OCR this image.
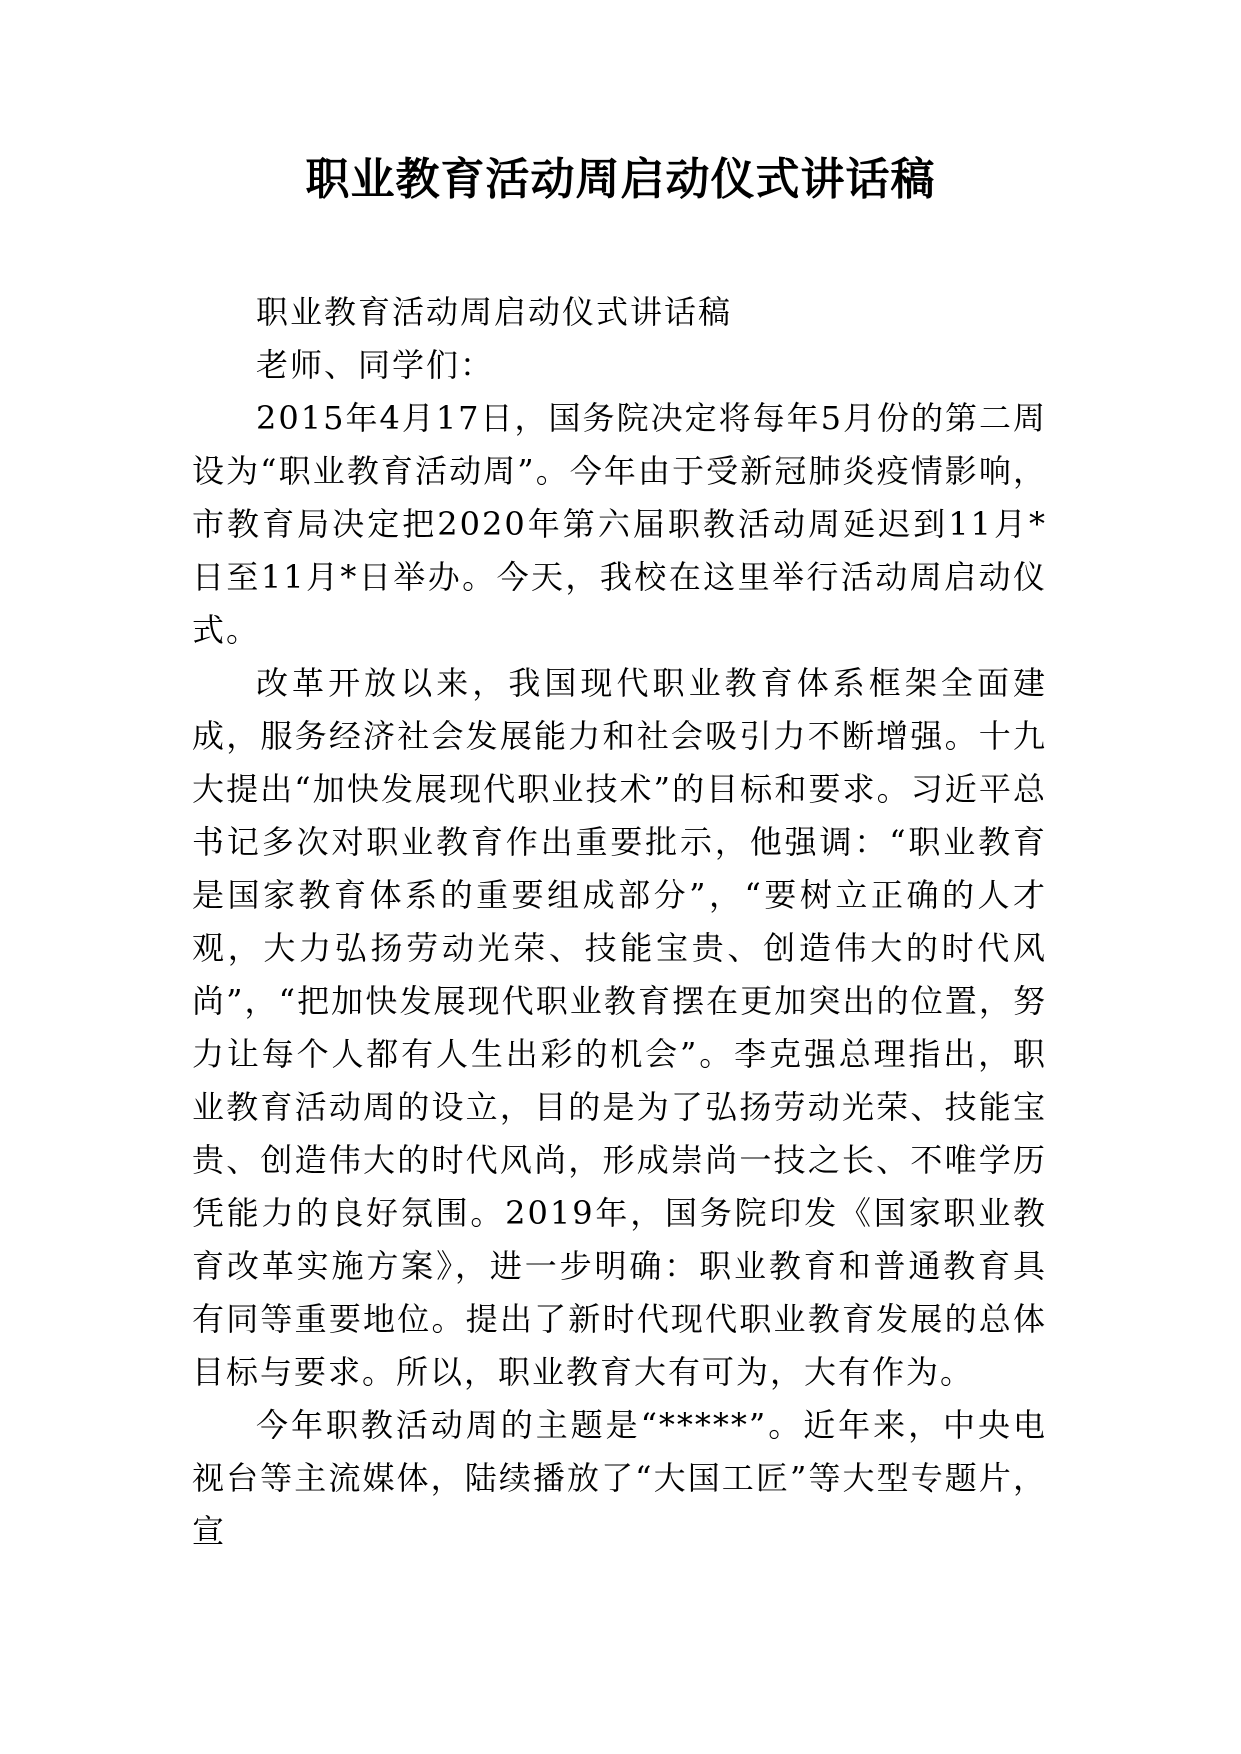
职业教育活动周启动仪式讲话稿

职业教育活动周启动仪式讲话稿

老师、同学们：

2015年4月17日，国务院决定将每年5月份的第二周设为“职业教育活动周”。今年由于受新冠肺炎疫情影响，市教育局决定把2020年第六届职教活动周延迟到11月*日至11月*日举办。今天，我校在这里举行活动周启动仪式。

改革开放以来，我国现代职业教育体系框架全面建成，服务经济社会发展能力和社会吸引力不断增强。十九大提出“加快发展现代职业技术”的目标和要求。习近平总书记多次对职业教育作出重要批示，他强调：“职业教育是国家教育体系的重要组成部分”，“要树立正确的人才观，大力弘扬劳动光荣、技能宝贵、创造伟大的时代风尚”，“把加快发展现代职业教育摆在更加突出的位置，努力让每个人都有人生出彩的机会”。李克强总理指出，职业教育活动周的设立，目的是为了弘扬劳动光荣、技能宝贵、创造伟大的时代风尚，形成崇尚一技之长、不唯学历凭能力的良好氛围。2019年，国务院印发《国家职业教育改革实施方案》，进一步明确：职业教育和普通教育具有同等重要地位。提出了新时代现代职业教育发展的总体目标与要求。所以，职业教育大有可为，大有作为。

今年职教活动周的主题是“*****”。近年来，中央电视台等主流媒体，陆续播放了“大国工匠”等大型专题片，宣
